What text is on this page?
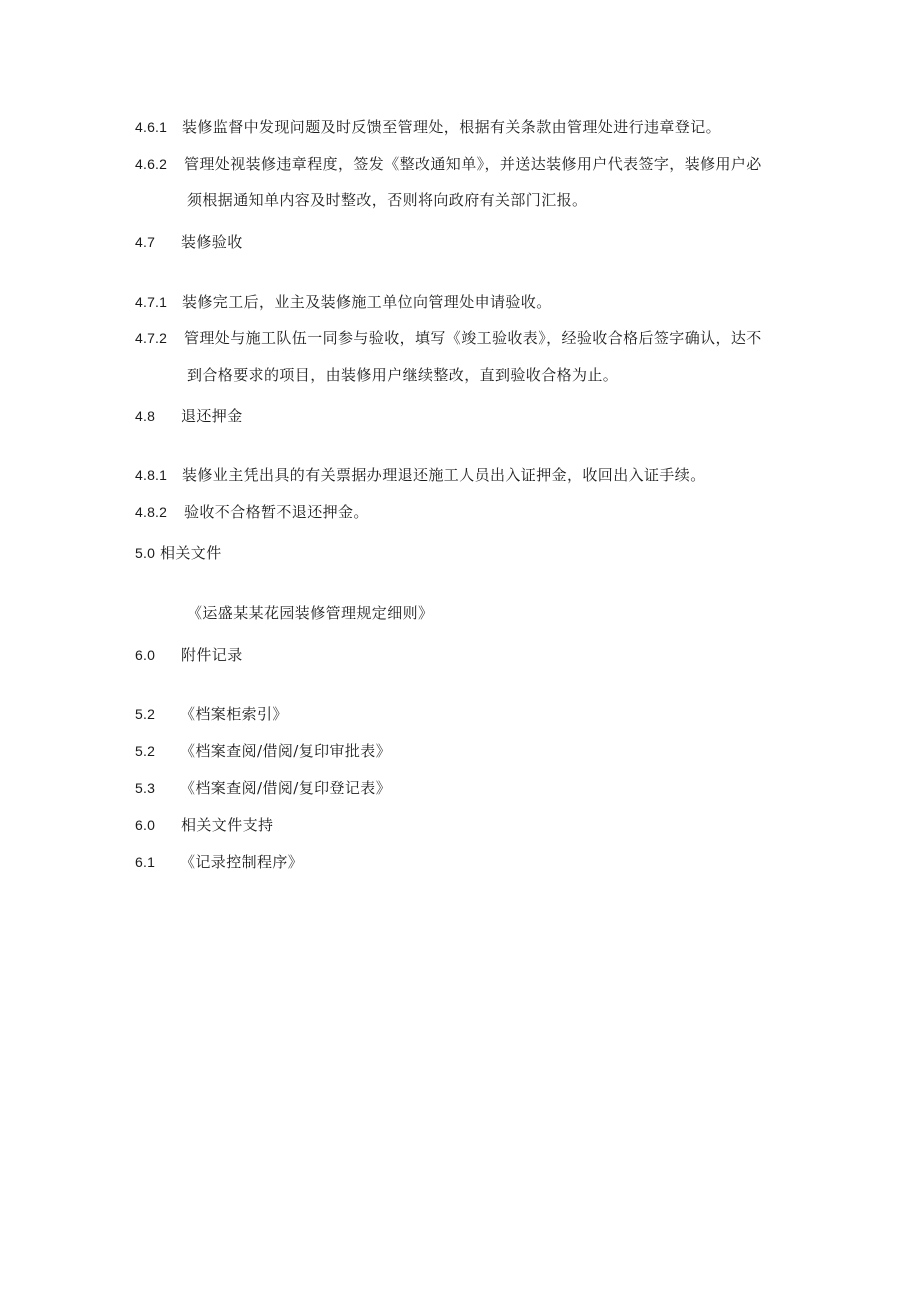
4.6.1 装修监督中发现问题及时反馈至管理处，根据有关条款由管理处进行违章登记。
4.6.2 管理处视装修违章程度，签发《整改通知单》，并送达装修用户代表签字，装修用户必
须根据通知单内容及时整改，否则将向政府有关部门汇报。
4.7 装修验收
4.7.1 装修完工后，业主及装修施工单位向管理处申请验收。
4.7.2 管理处与施工队伍一同参与验收，填写《竣工验收表》，经验收合格后签字确认，达不
到合格要求的项目，由装修用户继续整改，直到验收合格为止。
4.8 退还押金
4.8.1 装修业主凭出具的有关票据办理退还施工人员出入证押金，收回出入证手续。
4.8.2 验收不合格暂不退还押金。
5.0 相关文件
《运盛某某花园装修管理规定细则》
6.0 附件记录
5.2 《档案柜索引》
5.2 《档案查阅/借阅/复印审批表》
5.3 《档案查阅/借阅/复印登记表》
6.0 相关文件支持
6.1 《记录控制程序》
